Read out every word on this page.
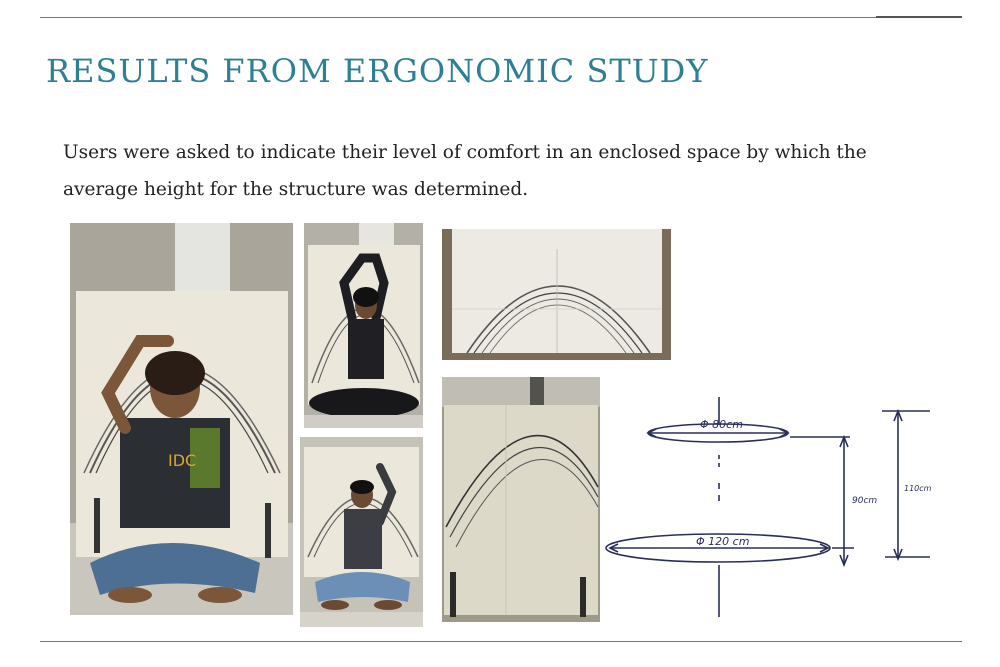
RESULTS FROM ERGONOMIC STUDY

Users were asked to indicate their level of comfort in an enclosed space by which the average height for the structure was determined.

IDC
Φ 80cm
Φ 120 cm
90cm
110cm
